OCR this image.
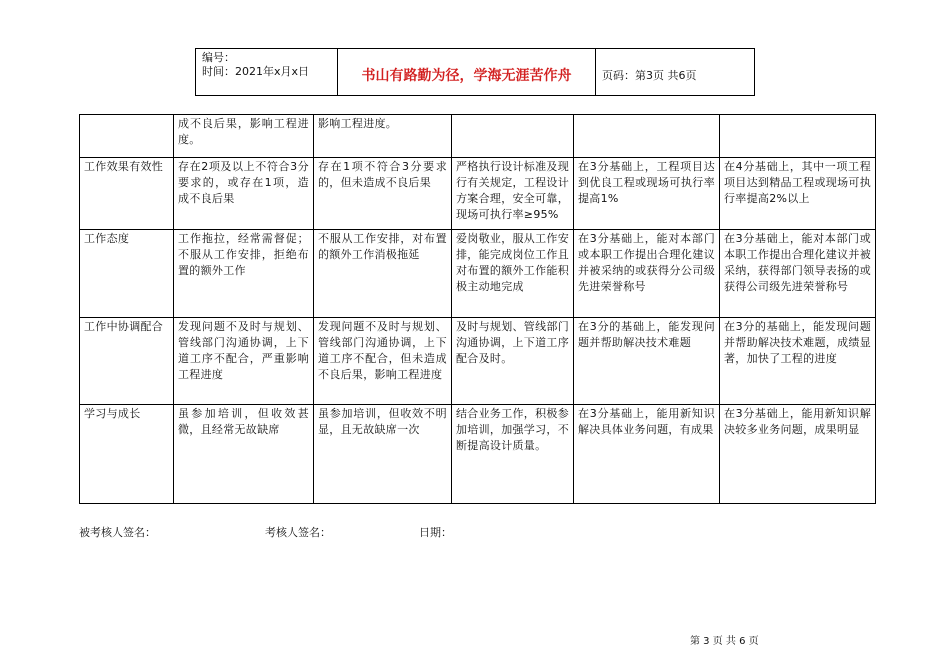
编号：
时间：2021年x月x日	书山有路勤为径，学海无涯苦作舟	页码：第3页 共6页
	成不良后果，影响工程进度。	影响工程进度。			
工作效果有效性	存在2项及以上不符合3分要求的，或存在1项，造成不良后果	存在1项不符合3分要求的，但未造成不良后果	严格执行设计标准及现行有关规定，工程设计方案合理，安全可靠，现场可执行率≥95%	在3分基础上，工程项目达到优良工程或现场可执行率提高1%	在4分基础上，其中一项工程项目达到精品工程或现场可执行率提高2%以上
工作态度	工作拖拉，经常需督促；不服从工作安排，拒绝布置的额外工作	不服从工作安排，对布置的额外工作消极拖延	爱岗敬业，服从工作安排，能完成岗位工作且对布置的额外工作能积极主动地完成	在3分基础上，能对本部门或本职工作提出合理化建议并被采纳的或获得分公司级先进荣誉称号	在3分基础上，能对本部门或本职工作提出合理化建议并被采纳，获得部门领导表扬的或获得公司级先进荣誉称号
工作中协调配合	发现问题不及时与规划、管线部门沟通协调，上下道工序不配合，严重影响工程进度	发现问题不及时与规划、管线部门沟通协调，上下道工序不配合，但未造成不良后果，影响工程进度	及时与规划、管线部门沟通协调，上下道工序配合及时。	在3分的基础上，能发现问题并帮助解决技术难题	在3分的基础上，能发现问题并帮助解决技术难题，成绩显著，加快了工程的进度
学习与成长	虽参加培训，但收效甚微，且经常无故缺席	虽参加培训，但收效不明显，且无故缺席一次	结合业务工作，积极参加培训，加强学习，不断提高设计质量。	在3分基础上，能用新知识解决具体业务问题，有成果	在3分基础上，能用新知识解决较多业务问题，成果明显
被考核人签名：	考核人签名：	日期：
第 3 页 共 6 页
